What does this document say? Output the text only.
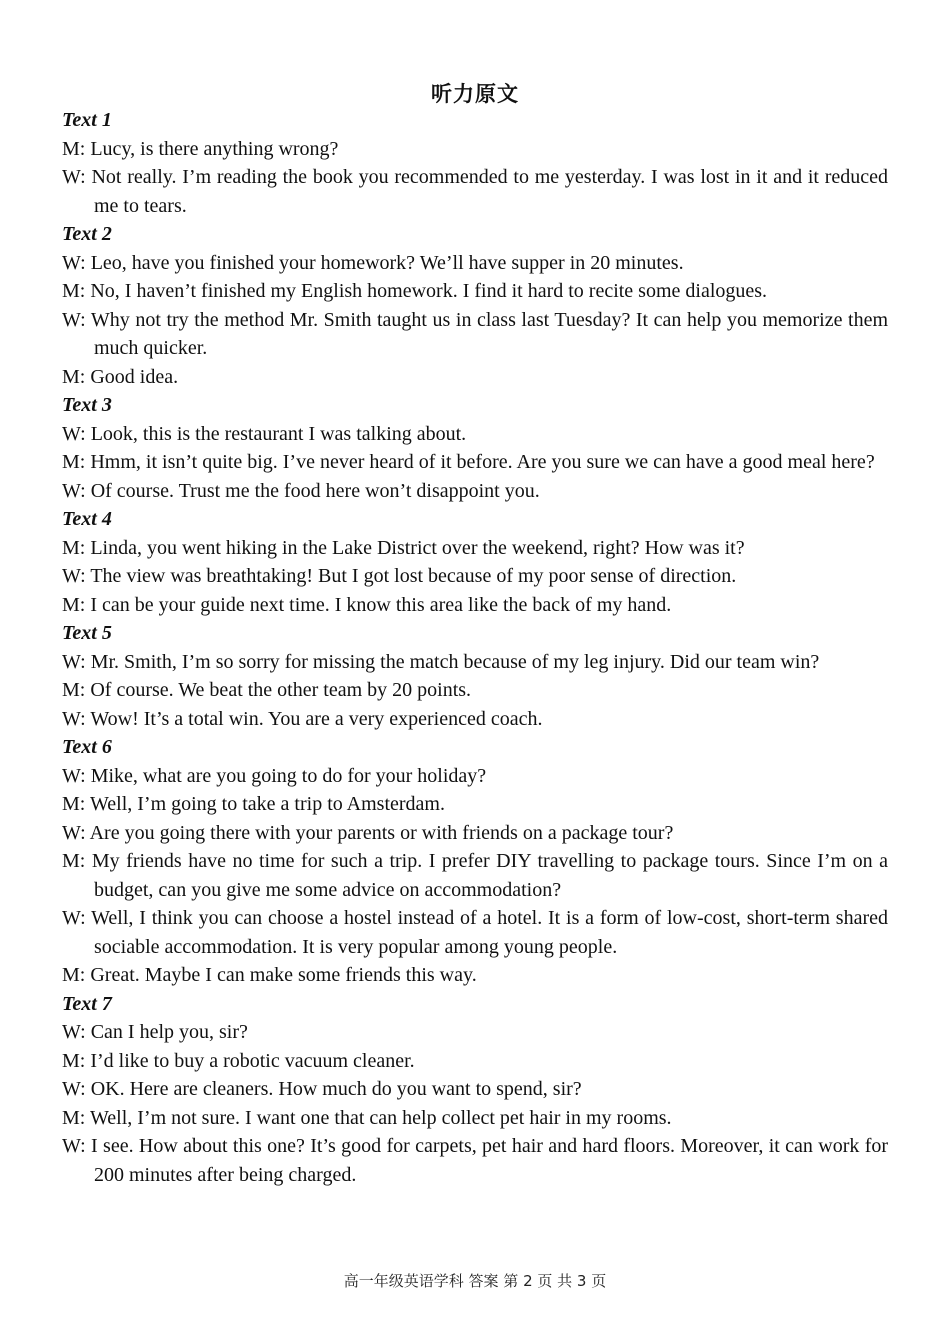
听力原文
Text 1
M: Lucy, is there anything wrong?
W: Not really. I’m reading the book you recommended to me yesterday. I was lost in it and it reduced me to tears.
Text 2
W: Leo, have you finished your homework? We’ll have supper in 20 minutes.
M: No, I haven’t finished my English homework. I find it hard to recite some dialogues.
W: Why not try the method Mr. Smith taught us in class last Tuesday? It can help you memorize them much quicker.
M: Good idea.
Text 3
W: Look, this is the restaurant I was talking about.
M: Hmm, it isn’t quite big. I’ve never heard of it before. Are you sure we can have a good meal here?
W: Of course. Trust me the food here won’t disappoint you.
Text 4
M: Linda, you went hiking in the Lake District over the weekend, right? How was it?
W: The view was breathtaking! But I got lost because of my poor sense of direction.
M: I can be your guide next time. I know this area like the back of my hand.
Text 5
W: Mr. Smith, I’m so sorry for missing the match because of my leg injury. Did our team win?
M: Of course. We beat the other team by 20 points.
W: Wow! It’s a total win. You are a very experienced coach.
Text 6
W: Mike, what are you going to do for your holiday?
M: Well, I’m going to take a trip to Amsterdam.
W: Are you going there with your parents or with friends on a package tour?
M: My friends have no time for such a trip. I prefer DIY travelling to package tours. Since I’m on a budget, can you give me some advice on accommodation?
W: Well, I think you can choose a hostel instead of a hotel. It is a form of low-cost, short-term shared sociable accommodation. It is very popular among young people.
M: Great. Maybe I can make some friends this way.
Text 7
W: Can I help you, sir?
M: I’d like to buy a robotic vacuum cleaner.
W: OK. Here are cleaners. How much do you want to spend, sir?
M: Well, I’m not sure. I want one that can help collect pet hair in my rooms.
W: I see. How about this one? It’s good for carpets, pet hair and hard floors. Moreover, it can work for 200 minutes after being charged.
高一年级英语学科 答案 第 2 页 共 3 页
